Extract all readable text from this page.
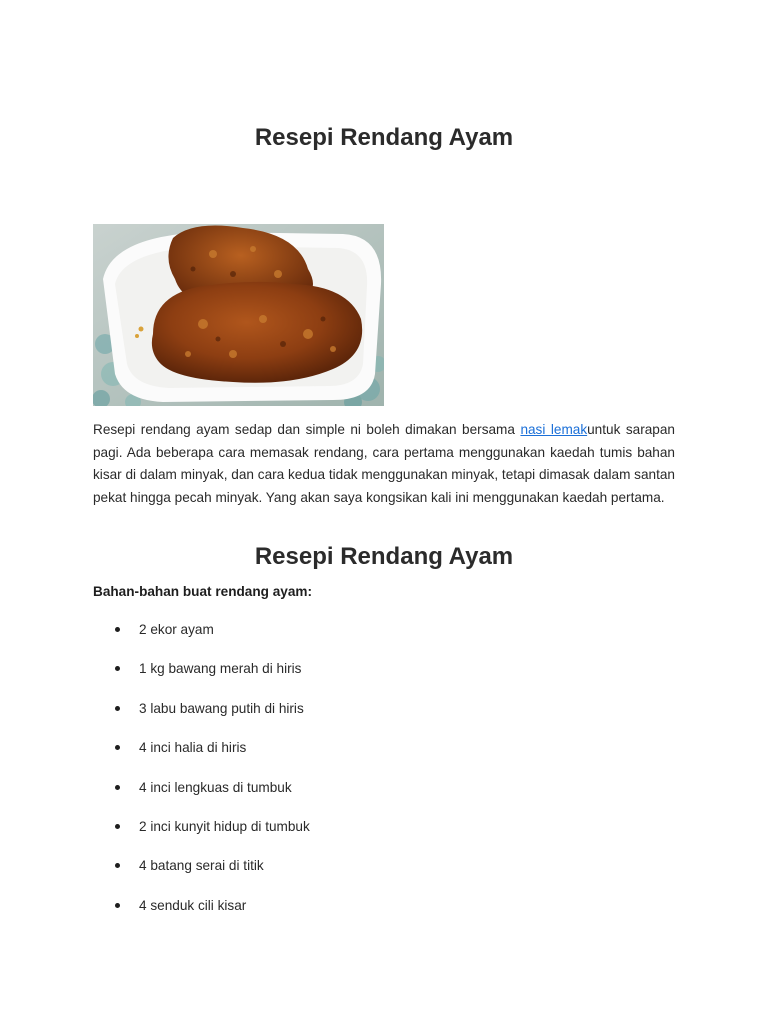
Resepi Rendang Ayam

Resepi rendang ayam sedap dan simple ni boleh dimakan bersama nasi lemakuntuk sarapan pagi. Ada beberapa cara memasak rendang, cara pertama menggunakan kaedah tumis bahan kisar di dalam minyak, dan cara kedua tidak menggunakan minyak, tetapi dimasak dalam santan pekat hingga pecah minyak. Yang akan saya kongsikan kali ini menggunakan kaedah pertama.

Resepi Rendang Ayam

Bahan-bahan buat rendang ayam:

2 ekor ayam
1 kg bawang merah di hiris
3 labu bawang putih di hiris
4 inci halia di hiris
4 inci lengkuas di tumbuk
2 inci kunyit hidup di tumbuk
4 batang serai di titik
4 senduk cili kisar
